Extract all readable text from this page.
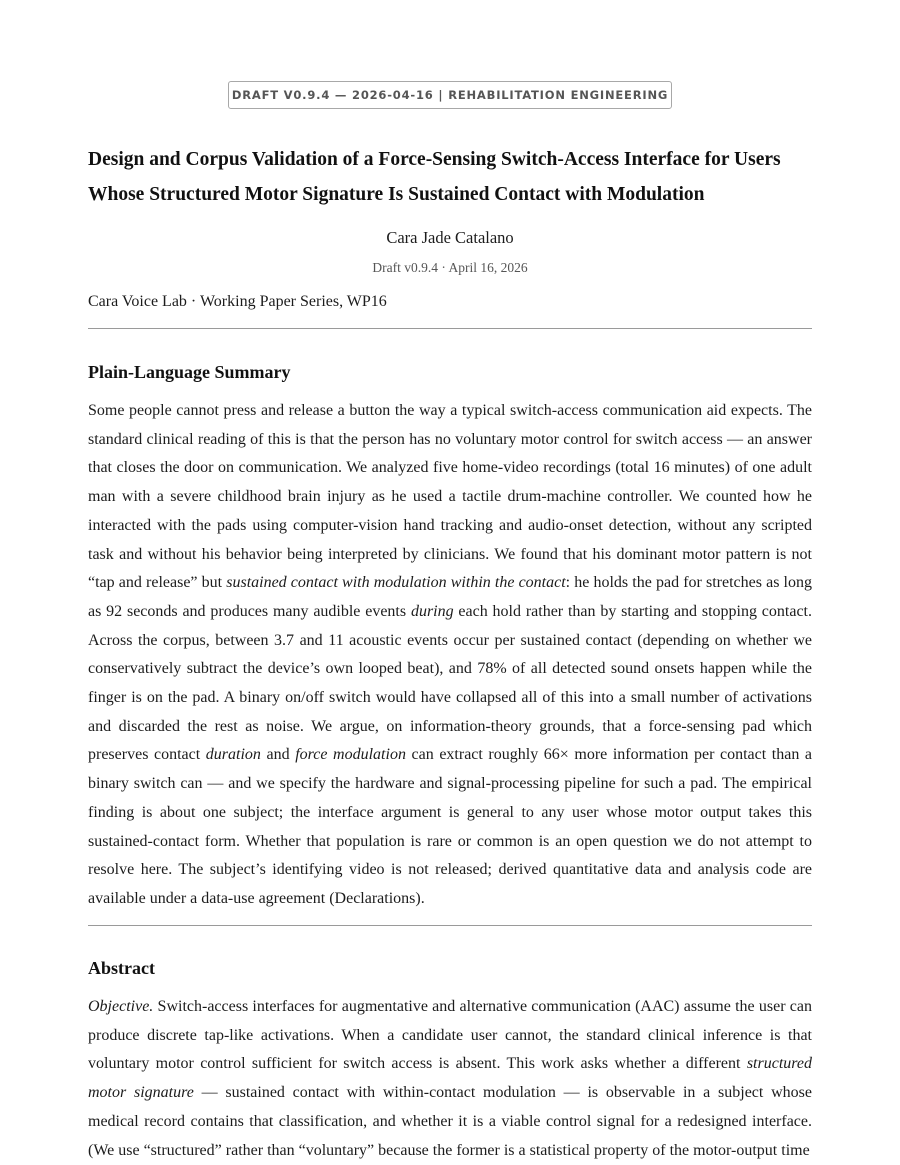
DRAFT V0.9.4 — 2026-04-16 | REHABILITATION ENGINEERING
Design and Corpus Validation of a Force-Sensing Switch-Access Interface for Users Whose Structured Motor Signature Is Sustained Contact with Modulation
Cara Jade Catalano
Draft v0.9.4 · April 16, 2026
Cara Voice Lab · Working Paper Series, WP16
Plain-Language Summary

Some people cannot press and release a button the way a typical switch-access communication aid expects. The standard clinical reading of this is that the person has no voluntary motor control for switch access — an answer that closes the door on communication. We analyzed five home-video recordings (total 16 minutes) of one adult man with a severe childhood brain injury as he used a tactile drum-machine controller. We counted how he interacted with the pads using computer-vision hand tracking and audio-onset detection, without any scripted task and without his behavior being interpreted by clinicians. We found that his dominant motor pattern is not “tap and release” but sustained contact with modulation within the contact: he holds the pad for stretches as long as 92 seconds and produces many audible events during each hold rather than by starting and stopping contact. Across the corpus, between 3.7 and 11 acoustic events occur per sustained contact (depending on whether we conservatively subtract the device’s own looped beat), and 78% of all detected sound onsets happen while the finger is on the pad. A binary on/off switch would have collapsed all of this into a small number of activations and discarded the rest as noise. We argue, on information-theory grounds, that a force-sensing pad which preserves contact duration and force modulation can extract roughly 66× more information per contact than a binary switch can — and we specify the hardware and signal-processing pipeline for such a pad. The empirical finding is about one subject; the interface argument is general to any user whose motor output takes this sustained-contact form. Whether that population is rare or common is an open question we do not attempt to resolve here. The subject’s identifying video is not released; derived quantitative data and analysis code are available under a data-use agreement (Declarations).

Abstract

Objective. Switch-access interfaces for augmentative and alternative communication (AAC) assume the user can produce discrete tap-like activations. When a candidate user cannot, the standard clinical inference is that voluntary motor control sufficient for switch access is absent. This work asks whether a different structured motor signature — sustained contact with within-contact modulation — is observable in a subject whose medical record contains that classification, and whether it is a viable control signal for a redesigned interface. (We use “structured” rather than “voluntary” because the former is a statistical property of the motor-output time
